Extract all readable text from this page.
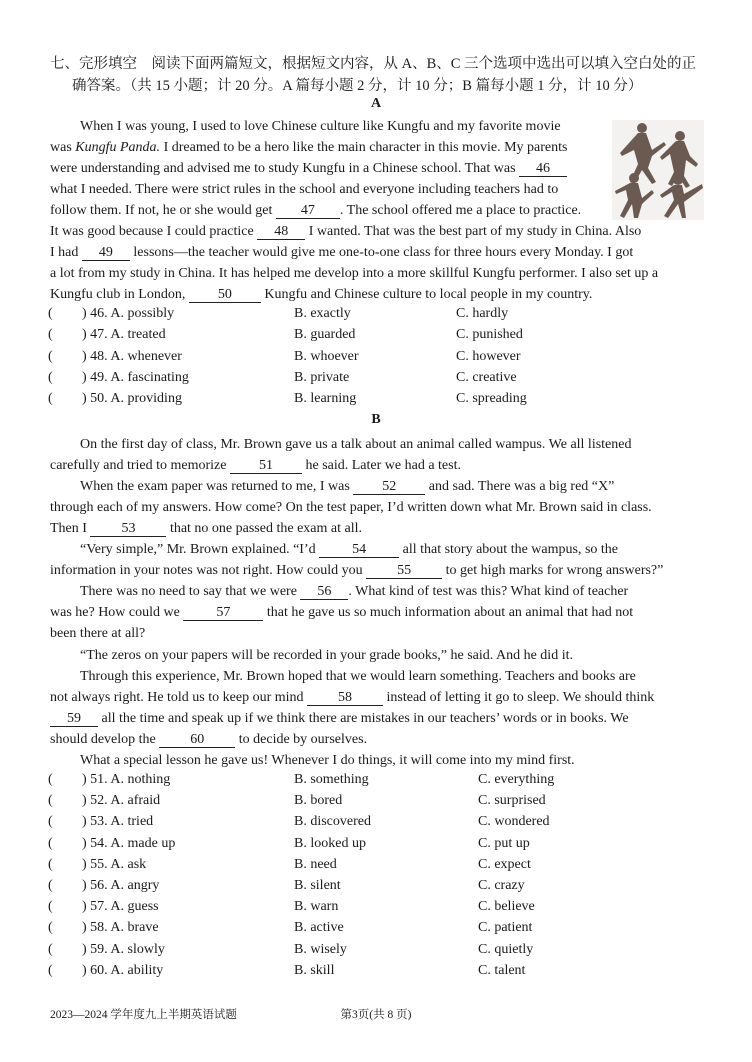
七、完形填空　阅读下面两篇短文，根据短文内容，从 A、B、C 三个选项中选出可以填入空白处的正
确答案。（共 15 小题；计 20 分。A 篇每小题 2 分，计 10 分；B 篇每小题 1 分，计 10 分）
A
When I was young, I used to love Chinese culture like Kungfu and my favorite movie
was Kungfu Panda. I dreamed to be a hero like the main character in this movie. My parents
were understanding and advised me to study Kungfu in a Chinese school. That was 46
what I needed. There were strict rules in the school and everyone including teachers had to
follow them. If not, he or she would get 47 . The school offered me a place to practice.
It was good because I could practice 48 I wanted. That was the best part of my study in China. Also
I had 49 lessons—the teacher would give me one-to-one class for three hours every Monday. I got
a lot from my study in China. It has helped me develop into a more skillful Kungfu performer. I also set up a
Kungfu club in London, 50 Kungfu and Chinese culture to local people in my country.
( ) 46. A. possibly	B. exactly	C. hardly
( ) 47. A. treated	B. guarded	C. punished
( ) 48. A. whenever	B. whoever	C. however
( ) 49. A. fascinating	B. private	C. creative
( ) 50. A. providing	B. learning	C. spreading
B
On the first day of class, Mr. Brown gave us a talk about an animal called wampus. We all listened
carefully and tried to memorize 51 he said. Later we had a test.
When the exam paper was returned to me, I was 52 and sad. There was a big red “X”
through each of my answers. How come? On the test paper, I’d written down what Mr. Brown said in class.
Then I 53 that no one passed the exam at all.
“Very simple,” Mr. Brown explained. “I’d 54 all that story about the wampus, so the
information in your notes was not right. How could you 55 to get high marks for wrong answers?”
There was no need to say that we were 56 . What kind of test was this? What kind of teacher
was he? How could we 57 that he gave us so much information about an animal that had not
been there at all?
“The zeros on your papers will be recorded in your grade books,” he said. And he did it.
Through this experience, Mr. Brown hoped that we would learn something. Teachers and books are
not always right. He told us to keep our mind 58 instead of letting it go to sleep. We should think
59 all the time and speak up if we think there are mistakes in our teachers’ words or in books. We
should develop the 60 to decide by ourselves.
What a special lesson he gave us! Whenever I do things, it will come into my mind first.
( ) 51. A. nothing	B. something	C. everything
( ) 52. A. afraid	B. bored	C. surprised
( ) 53. A. tried	B. discovered	C. wondered
( ) 54. A. made up	B. looked up	C. put up
( ) 55. A. ask	B. need	C. expect
( ) 56. A. angry	B. silent	C. crazy
( ) 57. A. guess	B. warn	C. believe
( ) 58. A. brave	B. active	C. patient
( ) 59. A. slowly	B. wisely	C. quietly
( ) 60. A. ability	B. skill	C. talent
2023—2024 学年度九上半期英语试题	第3页(共 8 页)
